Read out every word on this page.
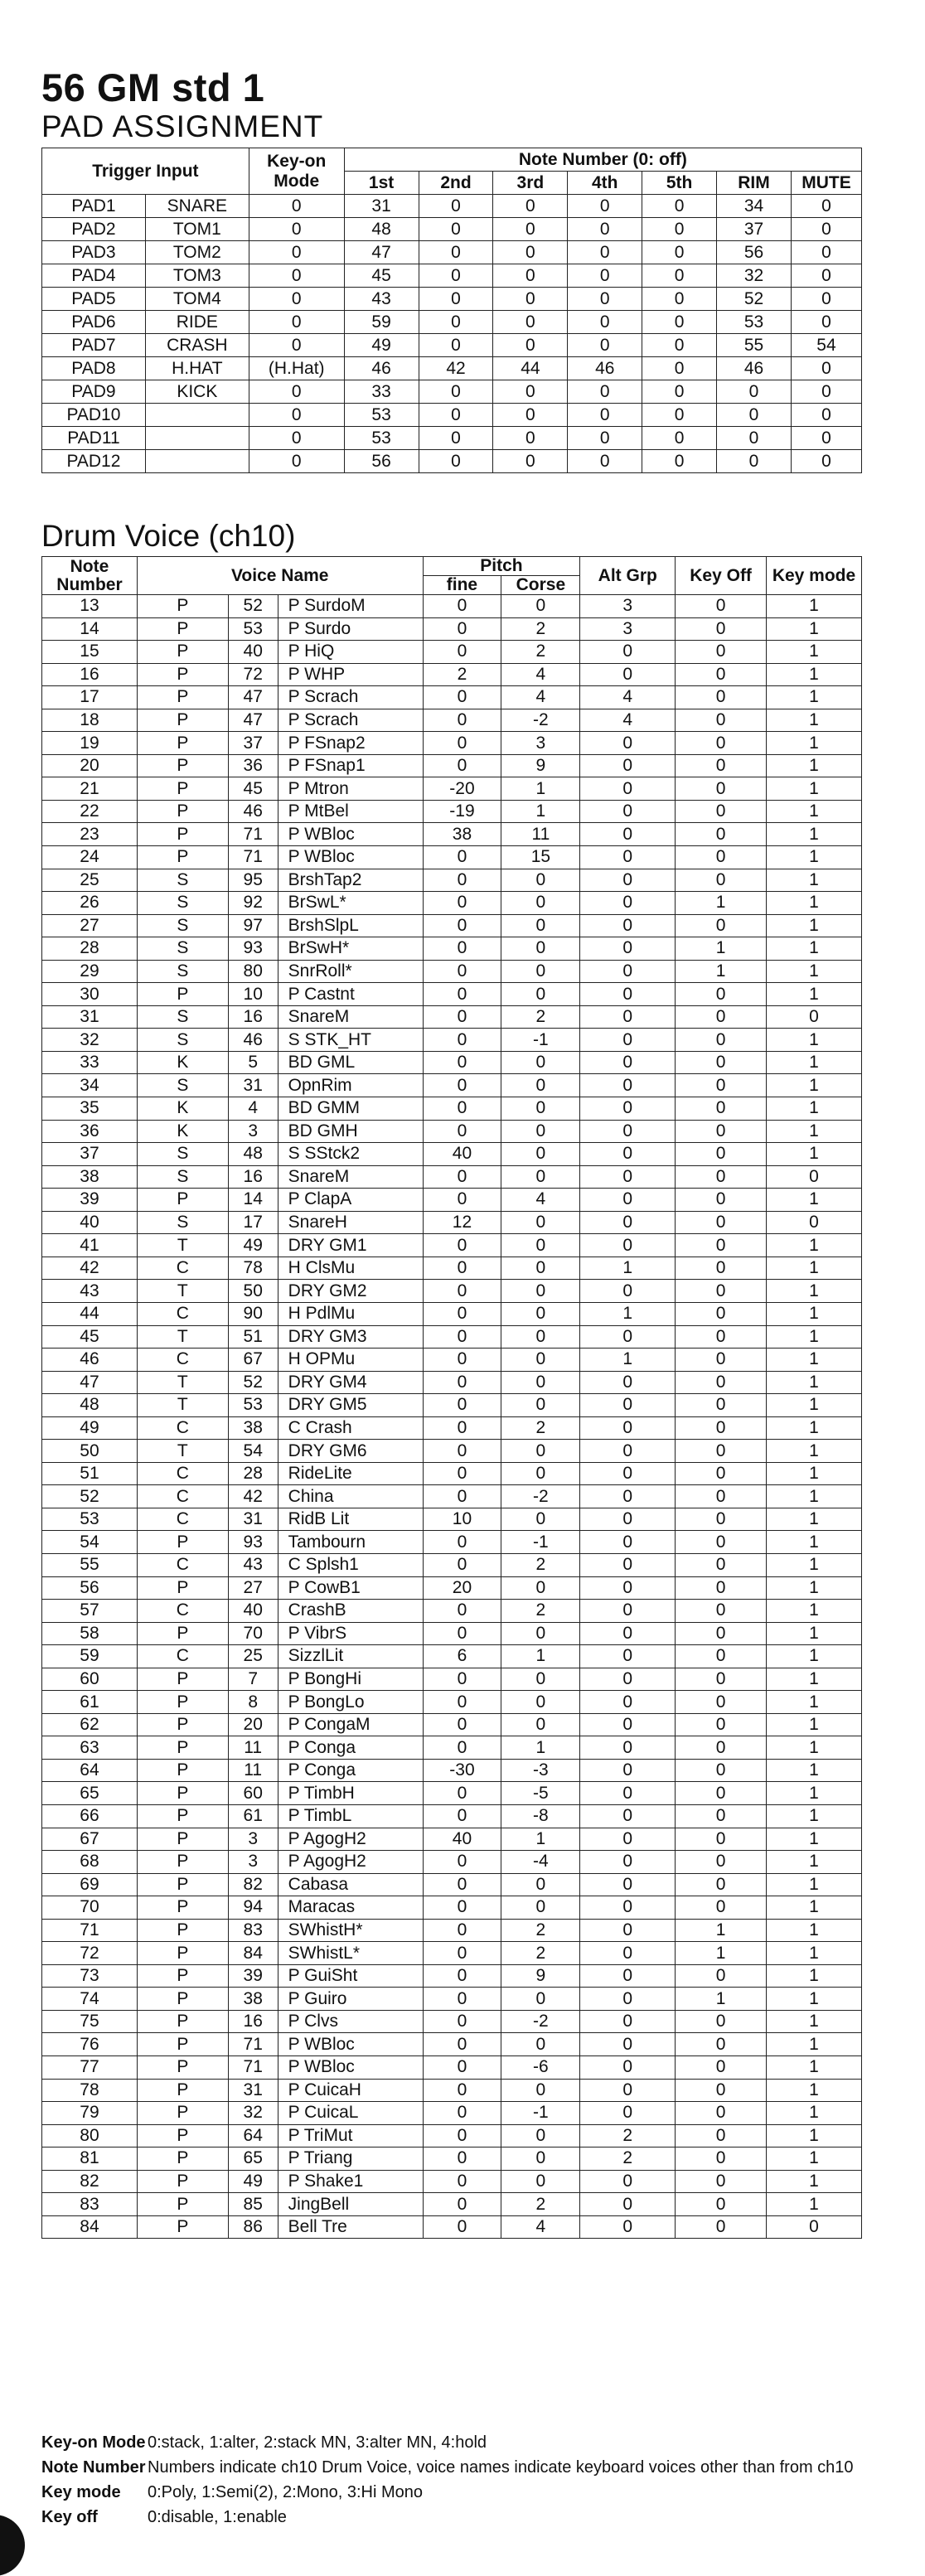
56 GM std 1
PAD ASSIGNMENT
Trigger Input		Key-on Mode	Note Number (0: off)						
			1st	2nd	3rd	4th	5th	RIM	MUTE
PAD1	SNARE	0	31	0	0	0	0	34	0
PAD2	TOM1	0	48	0	0	0	0	37	0
PAD3	TOM2	0	47	0	0	0	0	56	0
PAD4	TOM3	0	45	0	0	0	0	32	0
PAD5	TOM4	0	43	0	0	0	0	52	0
PAD6	RIDE	0	59	0	0	0	0	53	0
PAD7	CRASH	0	49	0	0	0	0	55	54
PAD8	H.HAT	(H.Hat)	46	42	44	46	0	46	0
PAD9	KICK	0	33	0	0	0	0	0	0
PAD10		0	53	0	0	0	0	0	0
PAD11		0	53	0	0	0	0	0	0
PAD12		0	56	0	0	0	0	0	0
Drum Voice (ch10)
Note Number	Voice Name			Pitch		Alt Grp	Key Off	Key mode
				fine	Corse			
13	P	52	P SurdoM	0	0	3	0	1
14	P	53	P Surdo	0	2	3	0	1
15	P	40	P HiQ	0	2	0	0	1
16	P	72	P WHP	2	4	0	0	1
17	P	47	P Scrach	0	4	4	0	1
18	P	47	P Scrach	0	-2	4	0	1
19	P	37	P FSnap2	0	3	0	0	1
20	P	36	P FSnap1	0	9	0	0	1
21	P	45	P Mtron	-20	1	0	0	1
22	P	46	P MtBel	-19	1	0	0	1
23	P	71	P WBloc	38	11	0	0	1
24	P	71	P WBloc	0	15	0	0	1
25	S	95	BrshTap2	0	0	0	0	1
26	S	92	BrSwL*	0	0	0	1	1
27	S	97	BrshSlpL	0	0	0	0	1
28	S	93	BrSwH*	0	0	0	1	1
29	S	80	SnrRoll*	0	0	0	1	1
30	P	10	P Castnt	0	0	0	0	1
31	S	16	SnareM	0	2	0	0	0
32	S	46	S STK_HT	0	-1	0	0	1
33	K	5	BD GML	0	0	0	0	1
34	S	31	OpnRim	0	0	0	0	1
35	K	4	BD GMM	0	0	0	0	1
36	K	3	BD GMH	0	0	0	0	1
37	S	48	S SStck2	40	0	0	0	1
38	S	16	SnareM	0	0	0	0	0
39	P	14	P ClapA	0	4	0	0	1
40	S	17	SnareH	12	0	0	0	0
41	T	49	DRY GM1	0	0	0	0	1
42	C	78	H ClsMu	0	0	1	0	1
43	T	50	DRY GM2	0	0	0	0	1
44	C	90	H PdlMu	0	0	1	0	1
45	T	51	DRY GM3	0	0	0	0	1
46	C	67	H OPMu	0	0	1	0	1
47	T	52	DRY GM4	0	0	0	0	1
48	T	53	DRY GM5	0	0	0	0	1
49	C	38	C Crash	0	2	0	0	1
50	T	54	DRY GM6	0	0	0	0	1
51	C	28	RideLite	0	0	0	0	1
52	C	42	China	0	-2	0	0	1
53	C	31	RidB Lit	10	0	0	0	1
54	P	93	Tambourn	0	-1	0	0	1
55	C	43	C Splsh1	0	2	0	0	1
56	P	27	P CowB1	20	0	0	0	1
57	C	40	CrashB	0	2	0	0	1
58	P	70	P VibrS	0	0	0	0	1
59	C	25	SizzlLit	6	1	0	0	1
60	P	7	P BongHi	0	0	0	0	1
61	P	8	P BongLo	0	0	0	0	1
62	P	20	P CongaM	0	0	0	0	1
63	P	11	P Conga	0	1	0	0	1
64	P	11	P Conga	-30	-3	0	0	1
65	P	60	P TimbH	0	-5	0	0	1
66	P	61	P TimbL	0	-8	0	0	1
67	P	3	P AgogH2	40	1	0	0	1
68	P	3	P AgogH2	0	-4	0	0	1
69	P	82	Cabasa	0	0	0	0	1
70	P	94	Maracas	0	0	0	0	1
71	P	83	SWhistH*	0	2	0	1	1
72	P	84	SWhistL*	0	2	0	1	1
73	P	39	P GuiSht	0	9	0	0	1
74	P	38	P Guiro	0	0	0	1	1
75	P	16	P Clvs	0	-2	0	0	1
76	P	71	P WBloc	0	0	0	0	1
77	P	71	P WBloc	0	-6	0	0	1
78	P	31	P CuicaH	0	0	0	0	1
79	P	32	P CuicaL	0	-1	0	0	1
80	P	64	P TriMut	0	0	2	0	1
81	P	65	P Triang	0	0	2	0	1
82	P	49	P Shake1	0	0	0	0	1
83	P	85	JingBell	0	2	0	0	1
84	P	86	Bell Tre	0	4	0	0	0
Key-on Mode 0:stack, 1:alter, 2:stack MN, 3:alter MN, 4:hold
Note Number Numbers indicate ch10 Drum Voice, voice names indicate keyboard voices other than from ch10
Key mode 0:Poly, 1:Semi(2), 2:Mono, 3:Hi Mono
Key off	0:disable, 1:enable
